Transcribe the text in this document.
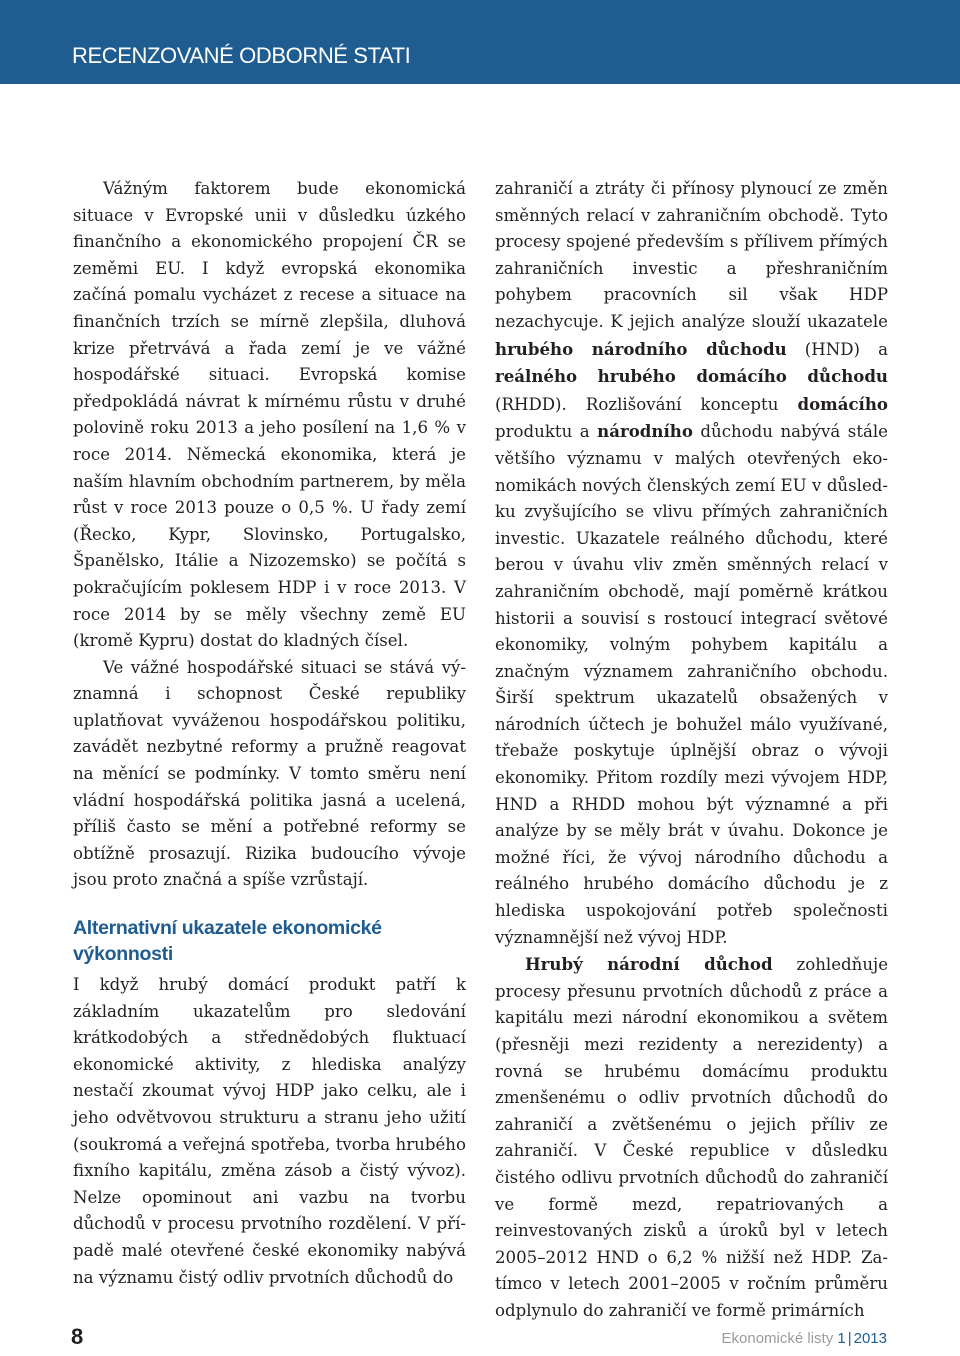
RECENZOVANÉ ODBORNÉ STATI

Vážným faktorem bude ekonomická situace v Evropské unii v důsledku úzkého finančního a ekonomického propojení ČR se zeměmi EU. I když evropská ekonomika začíná pomalu vycházet z recese a situace na finančních trzích se mírně zlepšila, dluhová krize přetrvává a řada zemí je ve vážné hospodářské situaci. Evropská komise předpokládá návrat k mírnému růstu v druhé polovině roku 2013 a jeho posílení na 1,6 % v roce 2014. Německá ekonomika, která je naším hlavním obchodním partnerem, by měla růst v roce 2013 pouze o 0,5 %. U řady zemí (Řecko, Kypr, Slovinsko, Portugalsko, Španělsko, Itálie a Nizozemsko) se počítá s pokračujícím poklesem HDP i v roce 2013. V roce 2014 by se měly všechny země EU (kromě Kypru) dostat do kladných čísel.

Ve vážné hospodářské situaci se stává významná i schopnost České republiky uplatňovat vyváženou hospodářskou politiku, zavádět nezbytné reformy a pružně reagovat na měnící se podmínky. V tomto směru není vládní hospodářská politika jasná a ucelená, příliš často se mění a potřebné reformy se obtížně prosazují. Rizika budoucího vývoje jsou proto značná a spíše vzrůstají.

Alternativní ukazatele ekonomické výkonnosti

I když hrubý domácí produkt patří k základním ukazatelům pro sledování krátkodobých a střednědobých fluktuací ekonomické aktivity, z hlediska analýzy nestačí zkoumat vývoj HDP jako celku, ale i jeho odvětvovou strukturu a stranu jeho užití (soukromá a veřejná spotřeba, tvorba hrubého fixního kapitálu, změna zásob a čistý vývoz). Nelze opominout ani vazbu na tvorbu důchodů v procesu prvotního rozdělení. V případě malé otevřené české ekonomiky nabývá na významu čistý odliv prvotních důchodů do

zahraničí a ztráty či přínosy plynoucí ze změn směnných relací v zahraničním obchodě. Tyto procesy spojené především s přílivem přímých zahraničních investic a přeshraničním pohybem pracovních sil však HDP nezachycuje. K jejich analýze slouží ukazatele hrubého národního důchodu (HND) a reálného hrubého domácího důchodu (RHDD). Rozlišování konceptu domácího produktu a národního důchodu nabývá stále většího významu v malých otevřených ekonomikách nových členských zemí EU v důsledku zvyšujícího se vlivu přímých zahraničních investic. Ukazatele reálného důchodu, které berou v úvahu vliv změn směnných relací v zahraničním obchodě, mají poměrně krátkou historii a souvisí s rostoucí integrací světové ekonomiky, volným pohybem kapitálu a značným významem zahraničního obchodu. Širší spektrum ukazatelů obsažených v národních účtech je bohužel málo využívané, třebaže poskytuje úplnější obraz o vývoji ekonomiky. Přitom rozdíly mezi vývojem HDP, HND a RHDD mohou být významné a při analýze by se měly brát v úvahu. Dokonce je možné říci, že vývoj národního důchodu a reálného hrubého domácího důchodu je z hlediska uspokojování potřeb společnosti významnější než vývoj HDP.

Hrubý národní důchod zohledňuje procesy přesunu prvotních důchodů z práce a kapitálu mezi národní ekonomikou a světem (přesněji mezi rezidenty a nerezidenty) a rovná se hrubému domácímu produktu zmenšenému o odliv prvotních důchodů do zahraničí a zvětšenému o jejich příliv ze zahraničí. V České republice v důsledku čistého odlivu prvotních důchodů do zahraničí ve formě mezd, repatriovaných a reinvestovaných zisků a úroků byl v letech 2005–2012 HND o 6,2 % nižší než HDP. Zatímco v letech 2001–2005 v ročním průměru odplynulo do zahraničí ve formě primárních

8	Ekonomické listy 1 | 2013
